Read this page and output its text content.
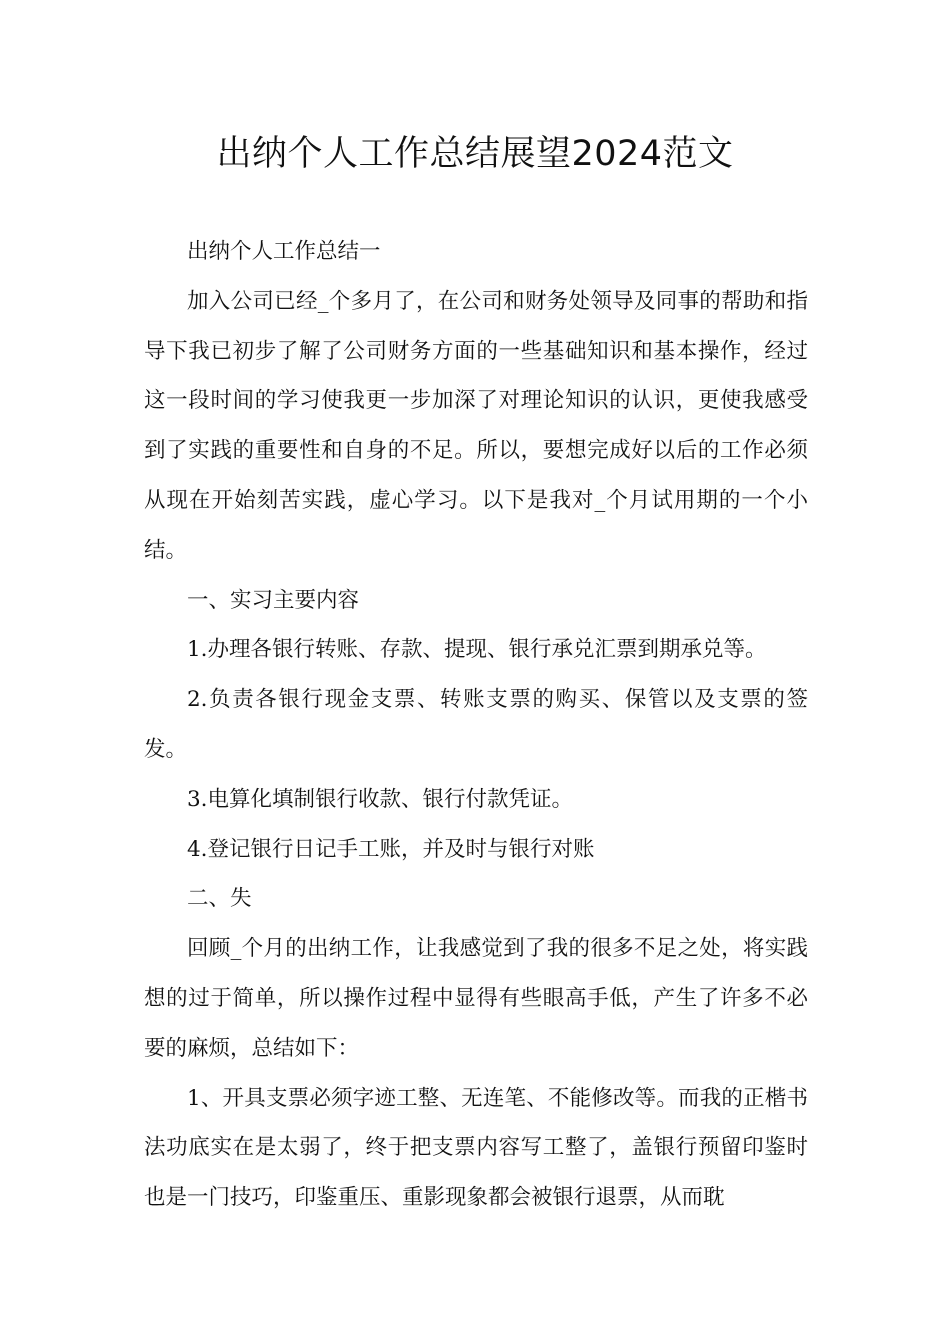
出纳个人工作总结展望2024范文

出纳个人工作总结一

加入公司已经_个多月了，在公司和财务处领导及同事的帮助和指导下我已初步了解了公司财务方面的一些基础知识和基本操作，经过这一段时间的学习使我更一步加深了对理论知识的认识，更使我感受到了实践的重要性和自身的不足。所以，要想完成好以后的工作必须从现在开始刻苦实践，虚心学习。以下是我对_个月试用期的一个小结。

一、实习主要内容

1.办理各银行转账、存款、提现、银行承兑汇票到期承兑等。

2.负责各银行现金支票、转账支票的购买、保管以及支票的签发。

3.电算化填制银行收款、银行付款凭证。

4.登记银行日记手工账，并及时与银行对账

二、失

回顾_个月的出纳工作，让我感觉到了我的很多不足之处，将实践想的过于简单，所以操作过程中显得有些眼高手低，产生了许多不必要的麻烦，总结如下：

1、开具支票必须字迹工整、无连笔、不能修改等。而我的正楷书法功底实在是太弱了，终于把支票内容写工整了，盖银行预留印鉴时也是一门技巧，印鉴重压、重影现象都会被银行退票，从而耽
